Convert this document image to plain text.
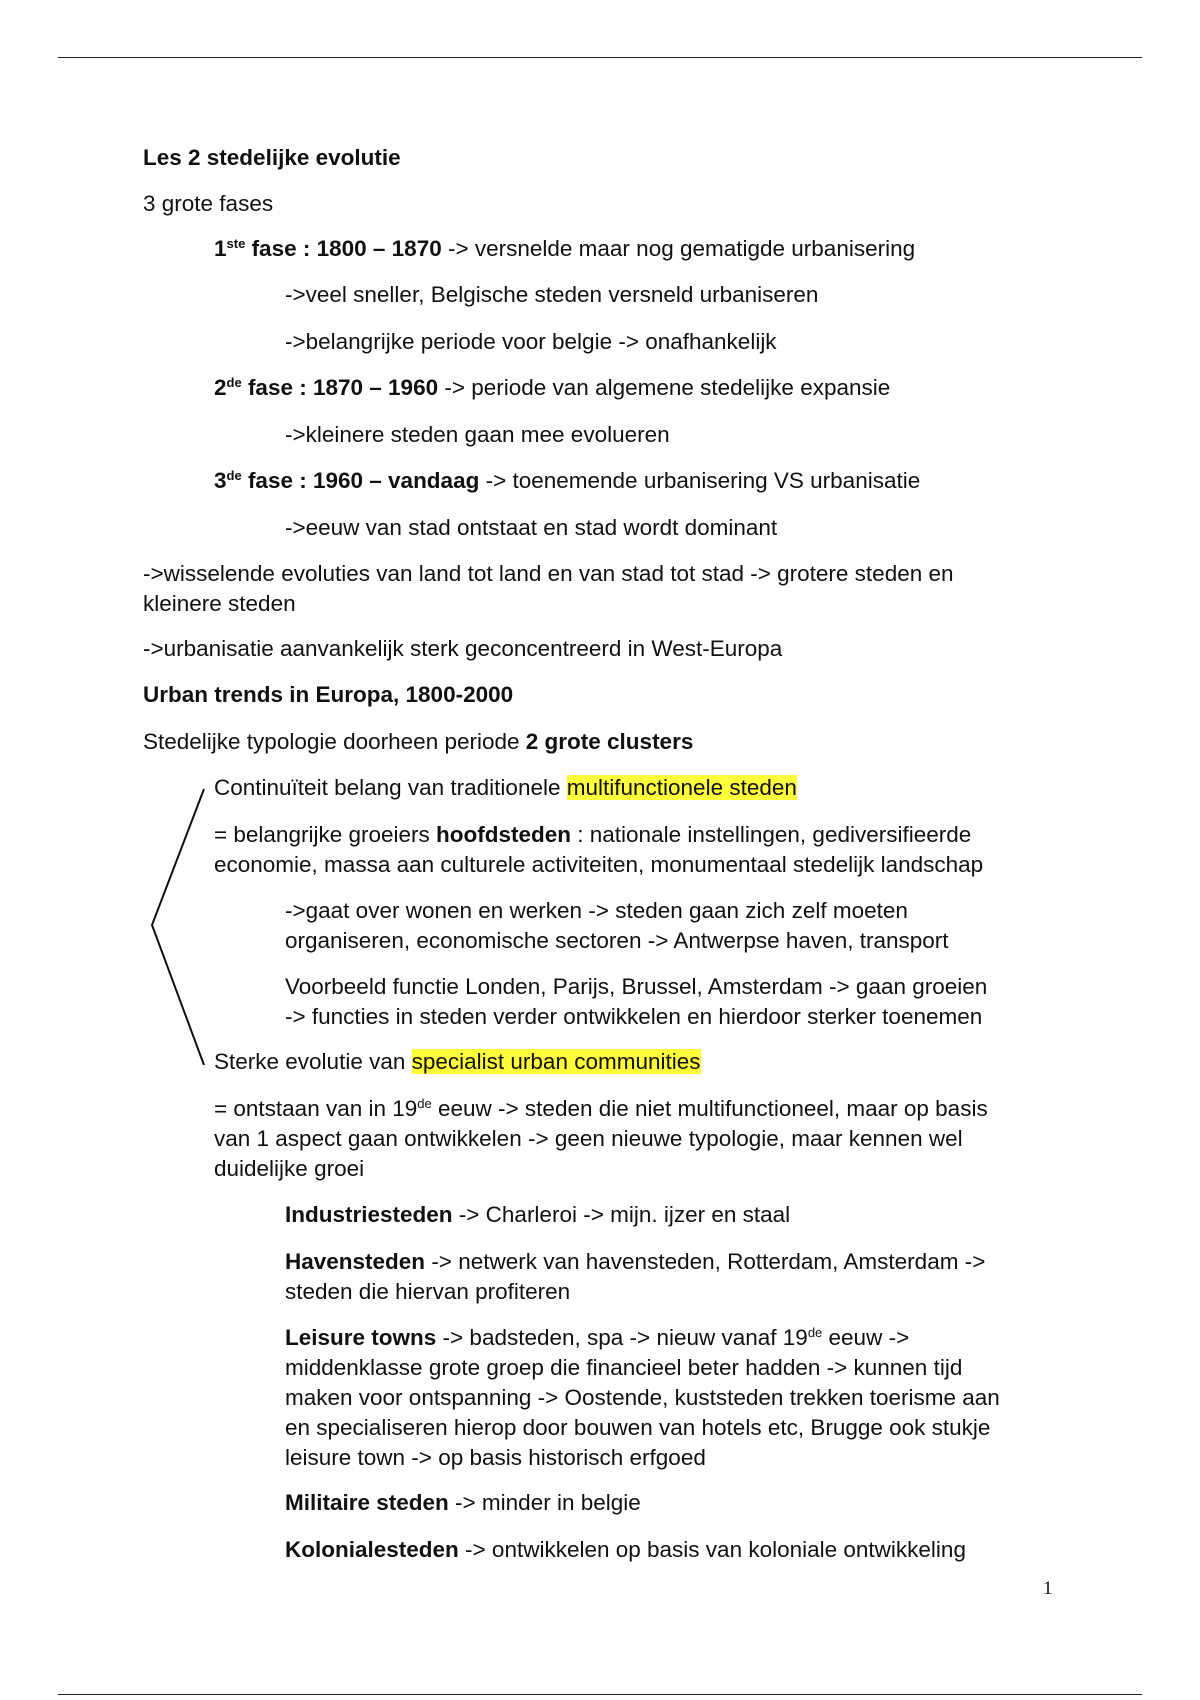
Les 2 stedelijke evolutie

3 grote fases

1ste fase : 1800 – 1870 -> versnelde maar nog gematigde urbanisering

->veel sneller, Belgische steden versneld urbaniseren

->belangrijke periode voor belgie -> onafhankelijk

2de fase : 1870 – 1960 -> periode van algemene stedelijke expansie

->kleinere steden gaan mee evolueren

3de fase : 1960 – vandaag -> toenemende urbanisering VS urbanisatie

->eeuw van stad ontstaat en stad wordt dominant

->wisselende evoluties van land tot land en van stad tot stad -> grotere steden en
kleinere steden

->urbanisatie aanvankelijk sterk geconcentreerd in West-Europa

Urban trends in Europa, 1800-2000

Stedelijke typologie doorheen periode 2 grote clusters

Continuïteit belang van traditionele multifunctionele steden

= belangrijke groeiers hoofdsteden : nationale instellingen, gediversifieerde
economie, massa aan culturele activiteiten, monumentaal stedelijk landschap

->gaat over wonen en werken -> steden gaan zich zelf moeten
organiseren, economische sectoren -> Antwerpse haven, transport

Voorbeeld functie Londen, Parijs, Brussel, Amsterdam -> gaan groeien
-> functies in steden verder ontwikkelen en hierdoor sterker toenemen

Sterke evolutie van specialist urban communities

= ontstaan van in 19de eeuw -> steden die niet multifunctioneel, maar op basis
van 1 aspect gaan ontwikkelen -> geen nieuwe typologie, maar kennen wel
duidelijke groei

Industriesteden -> Charleroi -> mijn. ijzer en staal

Havensteden -> netwerk van havensteden, Rotterdam, Amsterdam ->
steden die hiervan profiteren

Leisure towns -> badsteden, spa -> nieuw vanaf 19de eeuw ->
middenklasse grote groep die financieel beter hadden -> kunnen tijd
maken voor ontspanning -> Oostende, kuststeden trekken toerisme aan
en specialiseren hierop door bouwen van hotels etc, Brugge ook stukje
leisure town -> op basis historisch erfgoed

Militaire steden -> minder in belgie

Kolonialesteden -> ontwikkelen op basis van koloniale ontwikkeling

1
